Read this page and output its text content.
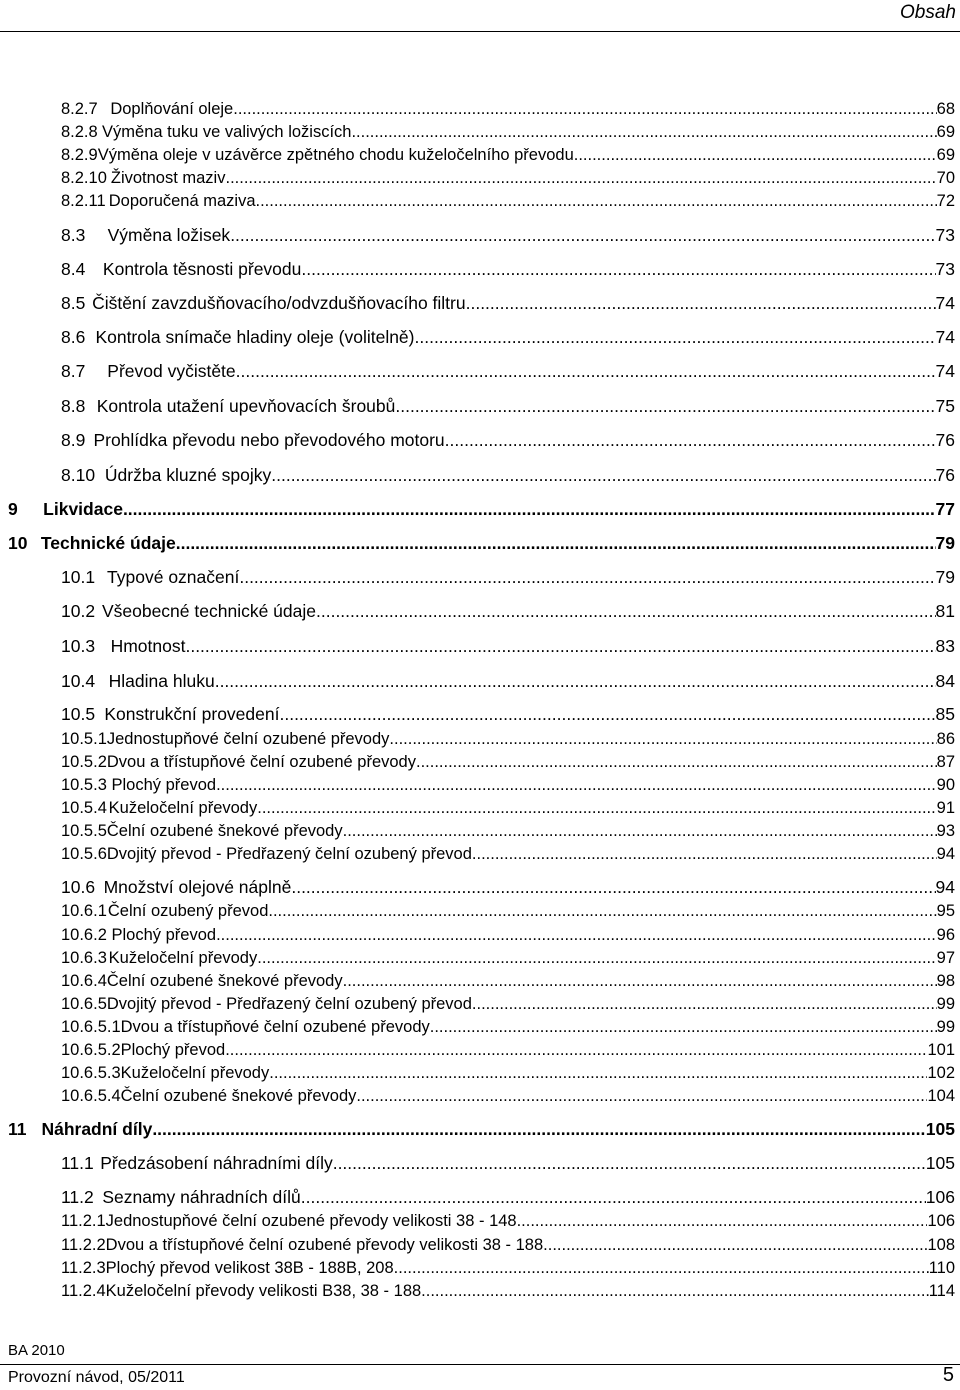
Obsah
8.2.7 Doplňování oleje .....	68
8.2.8 Výměna tuku ve valivých ložiscích .....	69
8.2.9 Výměna oleje v uzávěrce zpětného chodu kuželočelního převodu .....	69
8.2.10 Životnost maziv .....	70
8.2.11 Doporučená maziva .....	72
8.3	Výměna ložisek .....	73
8.4	Kontrola těsnosti převodu .....	73
8.5 Čištění zavzdušňovacího/odvzdušňovacího filtru .....	74
8.6 Kontrola snímače hladiny oleje (volitelně) .....	74
8.7	Převod vyčistěte .....	74
8.8 Kontrola utažení upevňovacích šroubů .....	75
8.9 Prohlídka převodu nebo převodového motoru .....	76
8.10 Údržba kluzné spojky .....	76
9	Likvidace .....	77
10 Technické údaje .....	79
10.1 Typové označení .....	79
10.2 Všeobecné technické údaje .....	81
10.3 Hmotnost .....	83
10.4 Hladina hluku .....	84
10.5 Konstrukční provedení .....	85
10.5.1 Jednostupňové čelní ozubené převody .....	86
10.5.2 Dvou a třístupňové čelní ozubené převody .....	87
10.5.3 Plochý převod .....	90
10.5.4 Kuželočelní převody .....	91
10.5.5 Čelní ozubené šnekové převody .....	93
10.5.6 Dvojitý převod - Předřazený čelní ozubený převod .....	94
10.6 Množství olejové náplně .....	94
10.6.1 Čelní ozubený převod .....	95
10.6.2 Plochý převod .....	96
10.6.3 Kuželočelní převody .....	97
10.6.4 Čelní ozubené šnekové převody .....	98
10.6.5 Dvojitý převod - Předřazený čelní ozubený převod .....	99
10.6.5.1 Dvou a třístupňové čelní ozubené převody .....	99
10.6.5.2 Plochý převod .....	101
10.6.5.3 Kuželočelní převody .....	102
10.6.5.4 Čelní ozubené šnekové převody .....	104
11 Náhradní díly .....	105
11.1 Předzásobení náhradními díly .....	105
11.2 Seznamy náhradních dílů .....	106
11.2.1 Jednostupňové čelní ozubené převody velikosti 38 - 148 .....	106
11.2.2 Dvou a třístupňové čelní ozubené převody velikosti 38 - 188 .....	108
11.2.3 Plochý převod velikost 38B - 188B, 208 .....	110
11.2.4 Kuželočelní převody velikosti B38, 38 - 188 .....	114
BA 2010
Provozní návod, 05/2011	5
